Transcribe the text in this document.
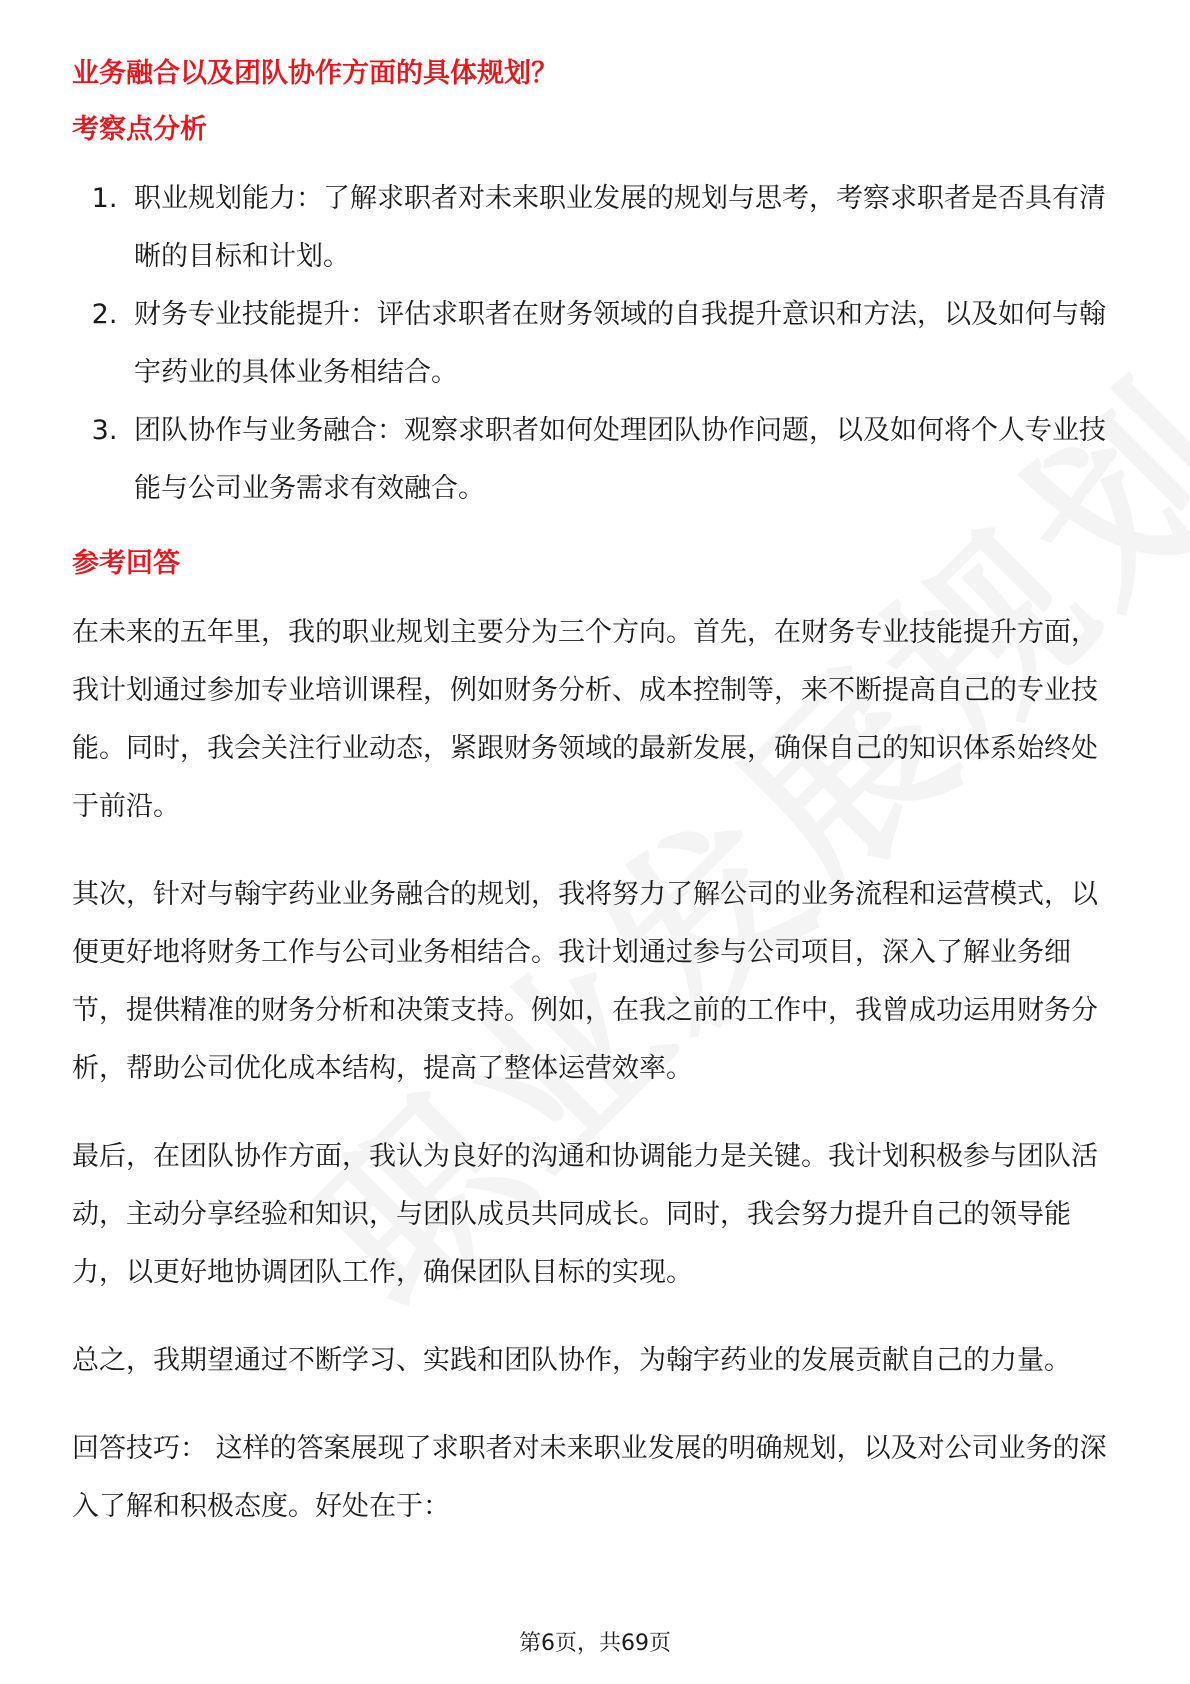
业务融合以及团队协作方面的具体规划？
考察点分析
1. 职业规划能力：了解求职者对未来职业发展的规划与思考，考察求职者是否具有清晰的目标和计划。
2. 财务专业技能提升：评估求职者在财务领域的自我提升意识和方法，以及如何与翰宇药业的具体业务相结合。
3. 团队协作与业务融合：观察求职者如何处理团队协作问题，以及如何将个人专业技能与公司业务需求有效融合。
参考回答

在未来的五年里，我的职业规划主要分为三个方向。首先，在财务专业技能提升方面，我计划通过参加专业培训课程，例如财务分析、成本控制等，来不断提高自己的专业技能。同时，我会关注行业动态，紧跟财务领域的最新发展，确保自己的知识体系始终处于前沿。

其次，针对与翰宇药业业务融合的规划，我将努力了解公司的业务流程和运营模式，以便更好地将财务工作与公司业务相结合。我计划通过参与公司项目，深入了解业务细节，提供精准的财务分析和决策支持。例如，在我之前的工作中，我曾成功运用财务分析，帮助公司优化成本结构，提高了整体运营效率。

最后，在团队协作方面，我认为良好的沟通和协调能力是关键。我计划积极参与团队活动，主动分享经验和知识，与团队成员共同成长。同时，我会努力提升自己的领导能力，以更好地协调团队工作，确保团队目标的实现。

总之，我期望通过不断学习、实践和团队协作，为翰宇药业的发展贡献自己的力量。

回答技巧： 这样的答案展现了求职者对未来职业发展的明确规划，以及对公司业务的深入了解和积极态度。好处在于：

第6页，共69页
